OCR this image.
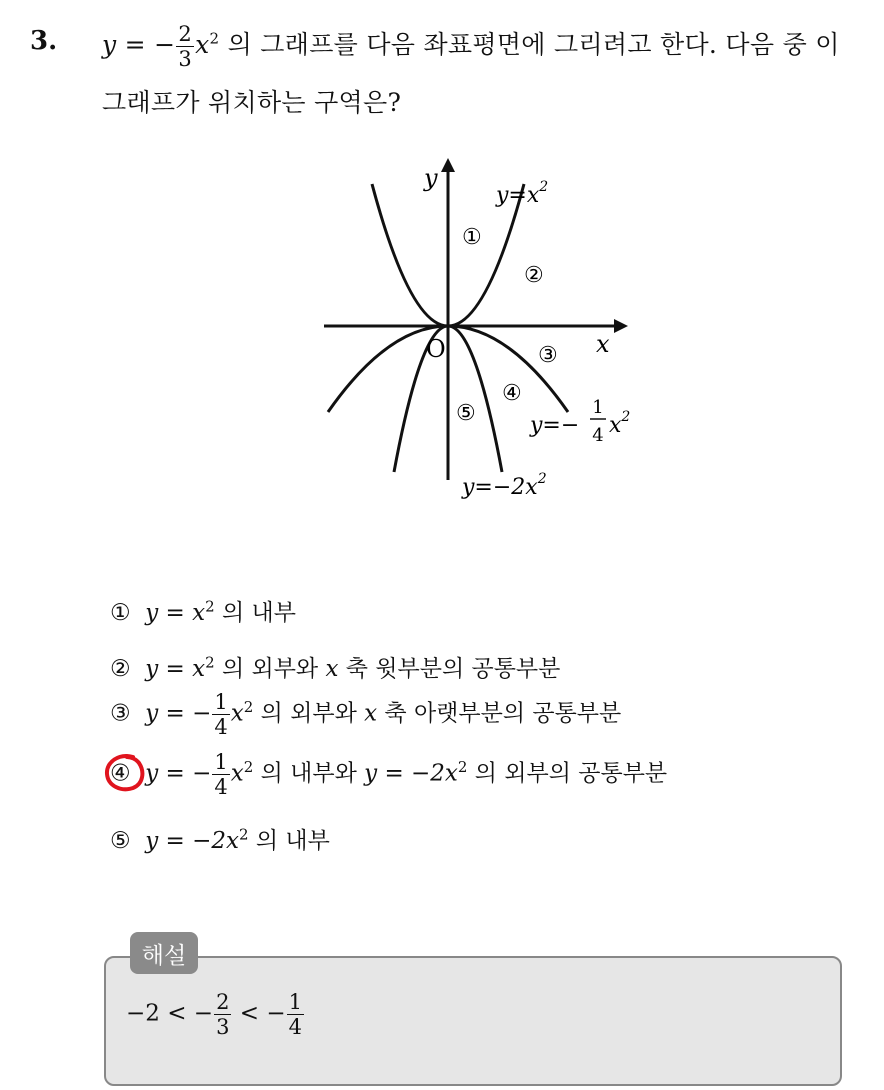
3. y = − $\frac{2}{3} x^2$ 의 그래프를 다음 좌표평면에 그리려고 한다. 다음 중 이
그래프가 위치하는 구역은?
y
x
O
$y=x^2$
y=−
1
4 $x^2$
$y=-2x^2$
①
②
③
④
⑤
① $y = x^2$ 의 내부
② $y = x^2$ 의 외부와 x 축 윗부분의 공통부분
③ y = − $\frac{1}{4} x^2$ 의 외부와 x 축 아랫부분의 공통부분
④ y = − $\frac{1}{4} x^2$ 의 내부와 $y = -2x^2$ 의 외부의 공통부분
⑤ $y = -2x^2$ 의 내부
해설
−2 < − $\frac{2}{3}$ < − $\frac{1}{4}$
